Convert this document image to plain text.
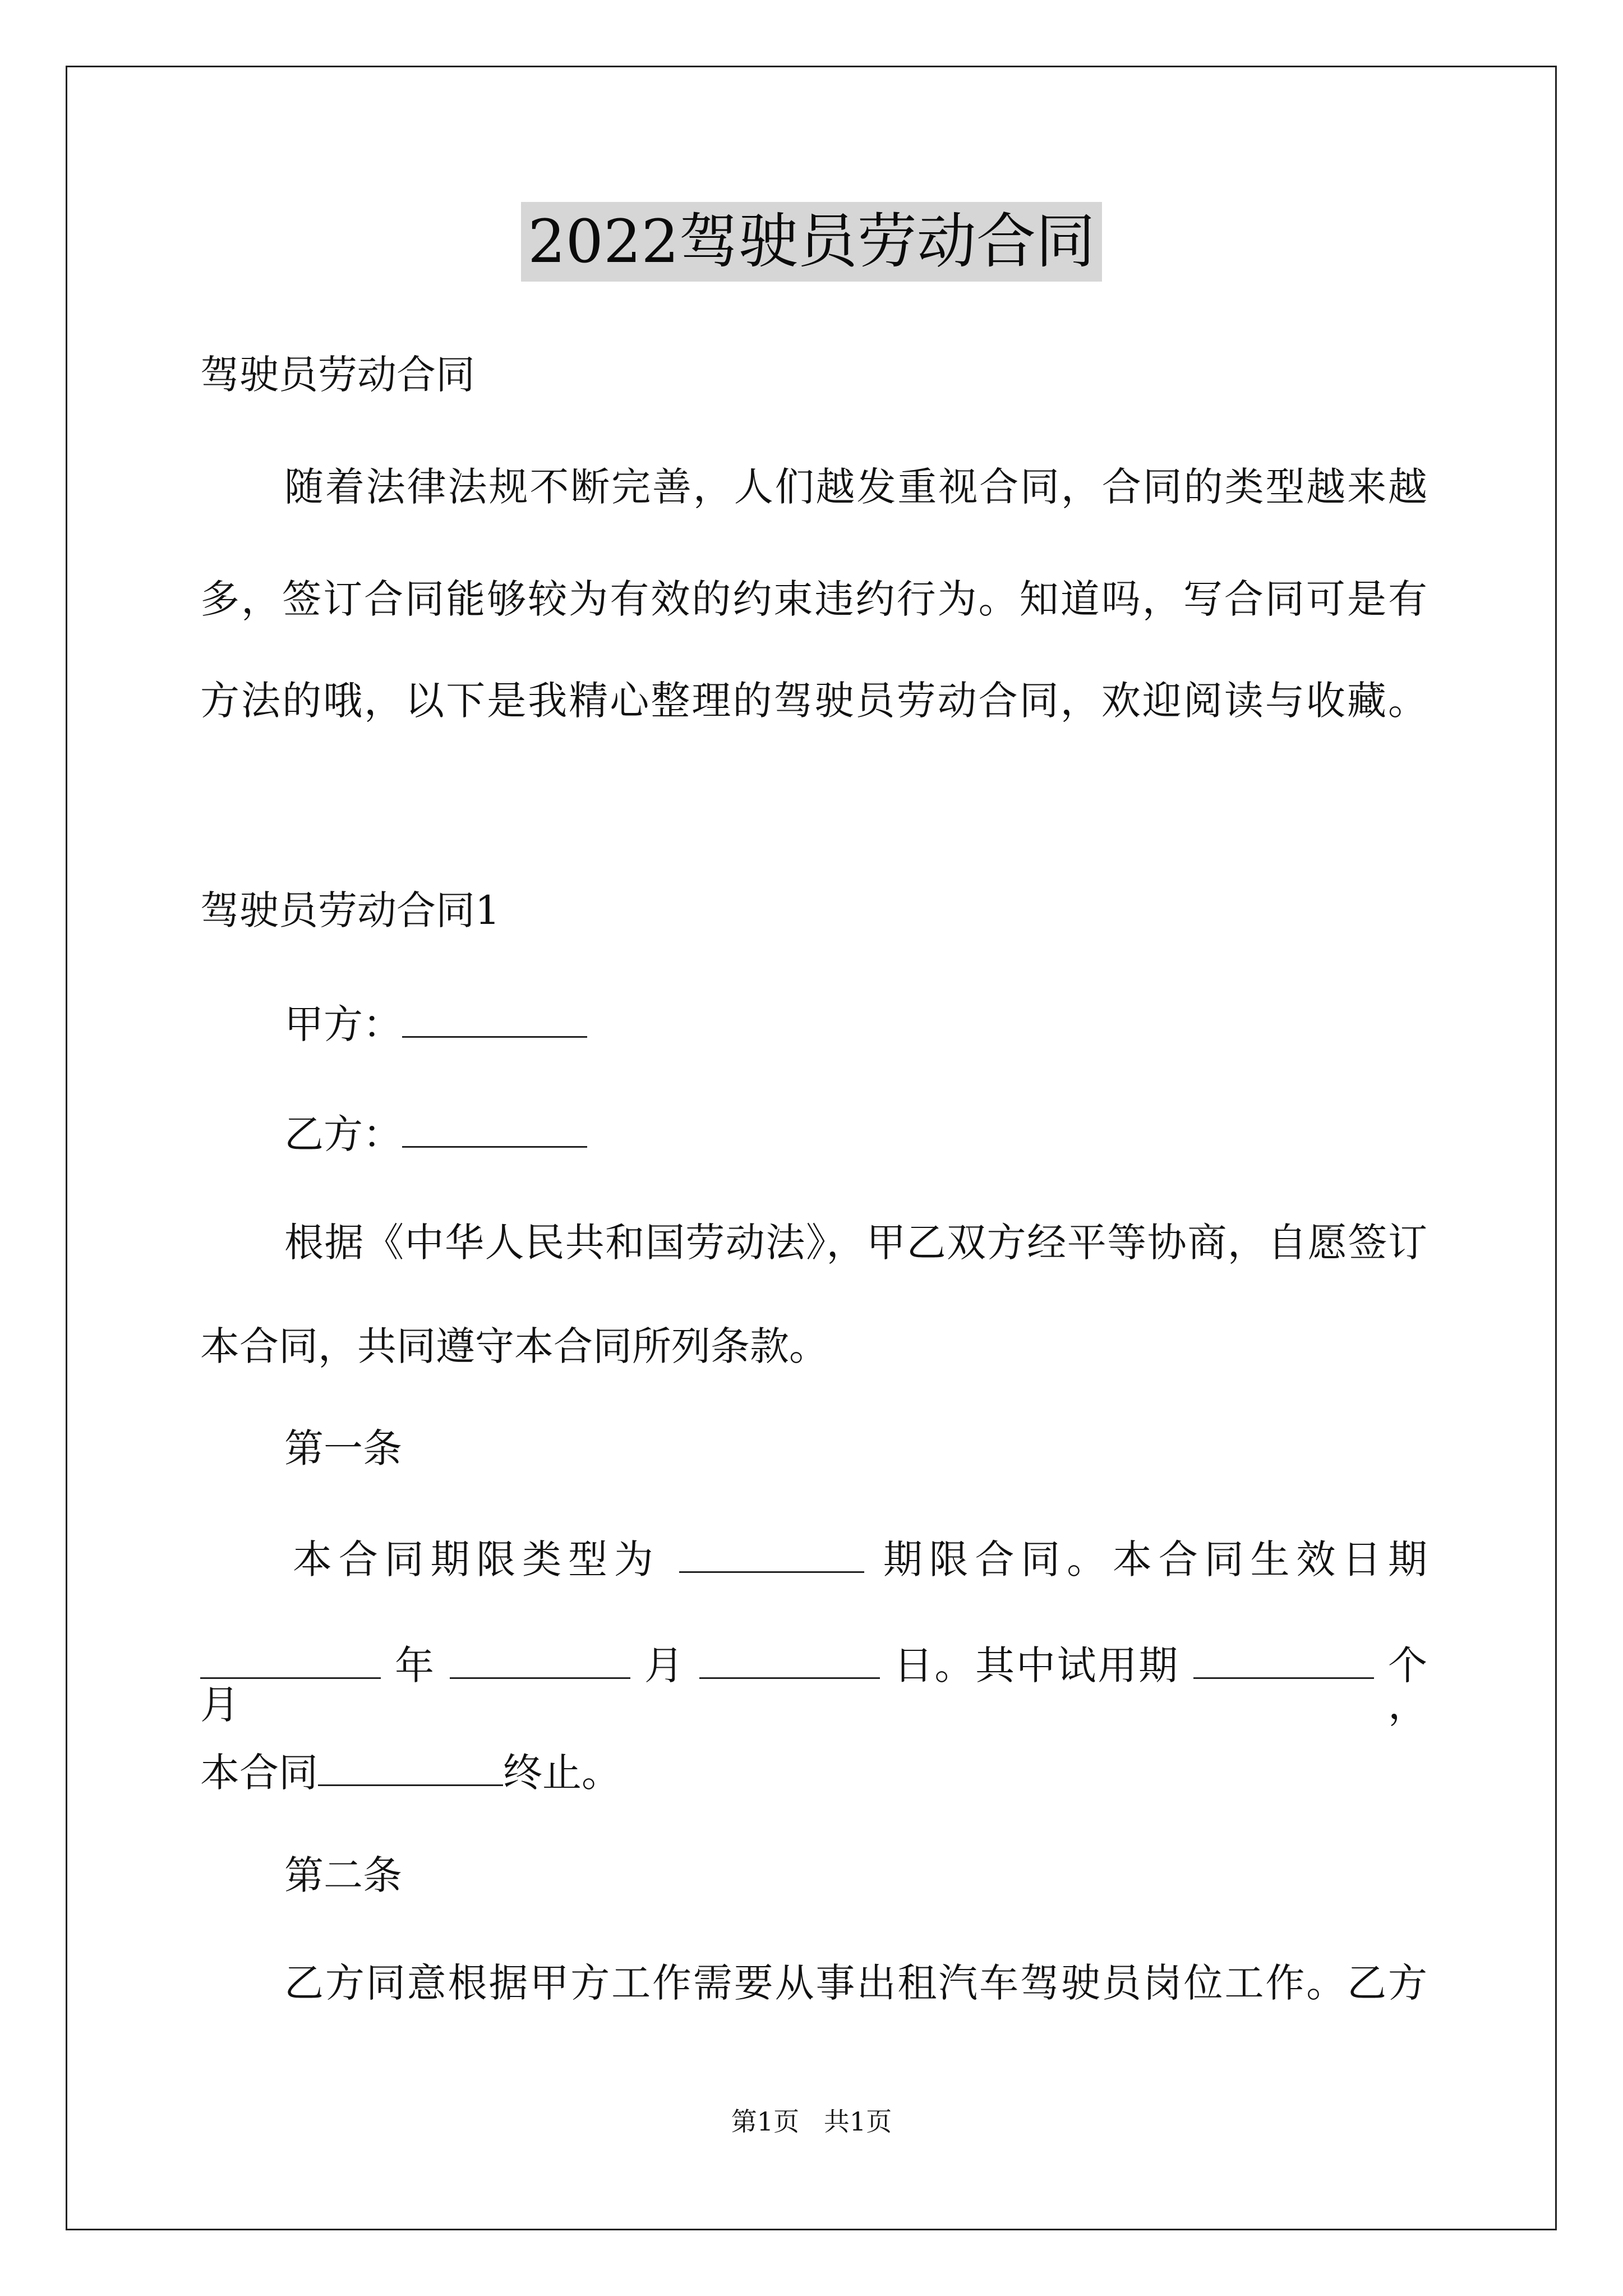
2022驾驶员劳动合同
驾驶员劳动合同
随着法律法规不断完善，人们越发重视合同，合同的类型越来越
多，签订合同能够较为有效的约束违约行为。知道吗，写合同可是有
方法的哦，以下是我精心整理的驾驶员劳动合同，欢迎阅读与收藏。
驾驶员劳动合同1
甲方：
乙方：
根据《中华人民共和国劳动法》，甲乙双方经平等协商，自愿签订
本合同，共同遵守本合同所列条款。
第一条
本合同期限类型为	期限合同。本合同生效日期
年	月	日。其中试用期	个月，
本合同	终止。
第二条
乙方同意根据甲方工作需要从事出租汽车驾驶员岗位工作。乙方
第1页   共1页
